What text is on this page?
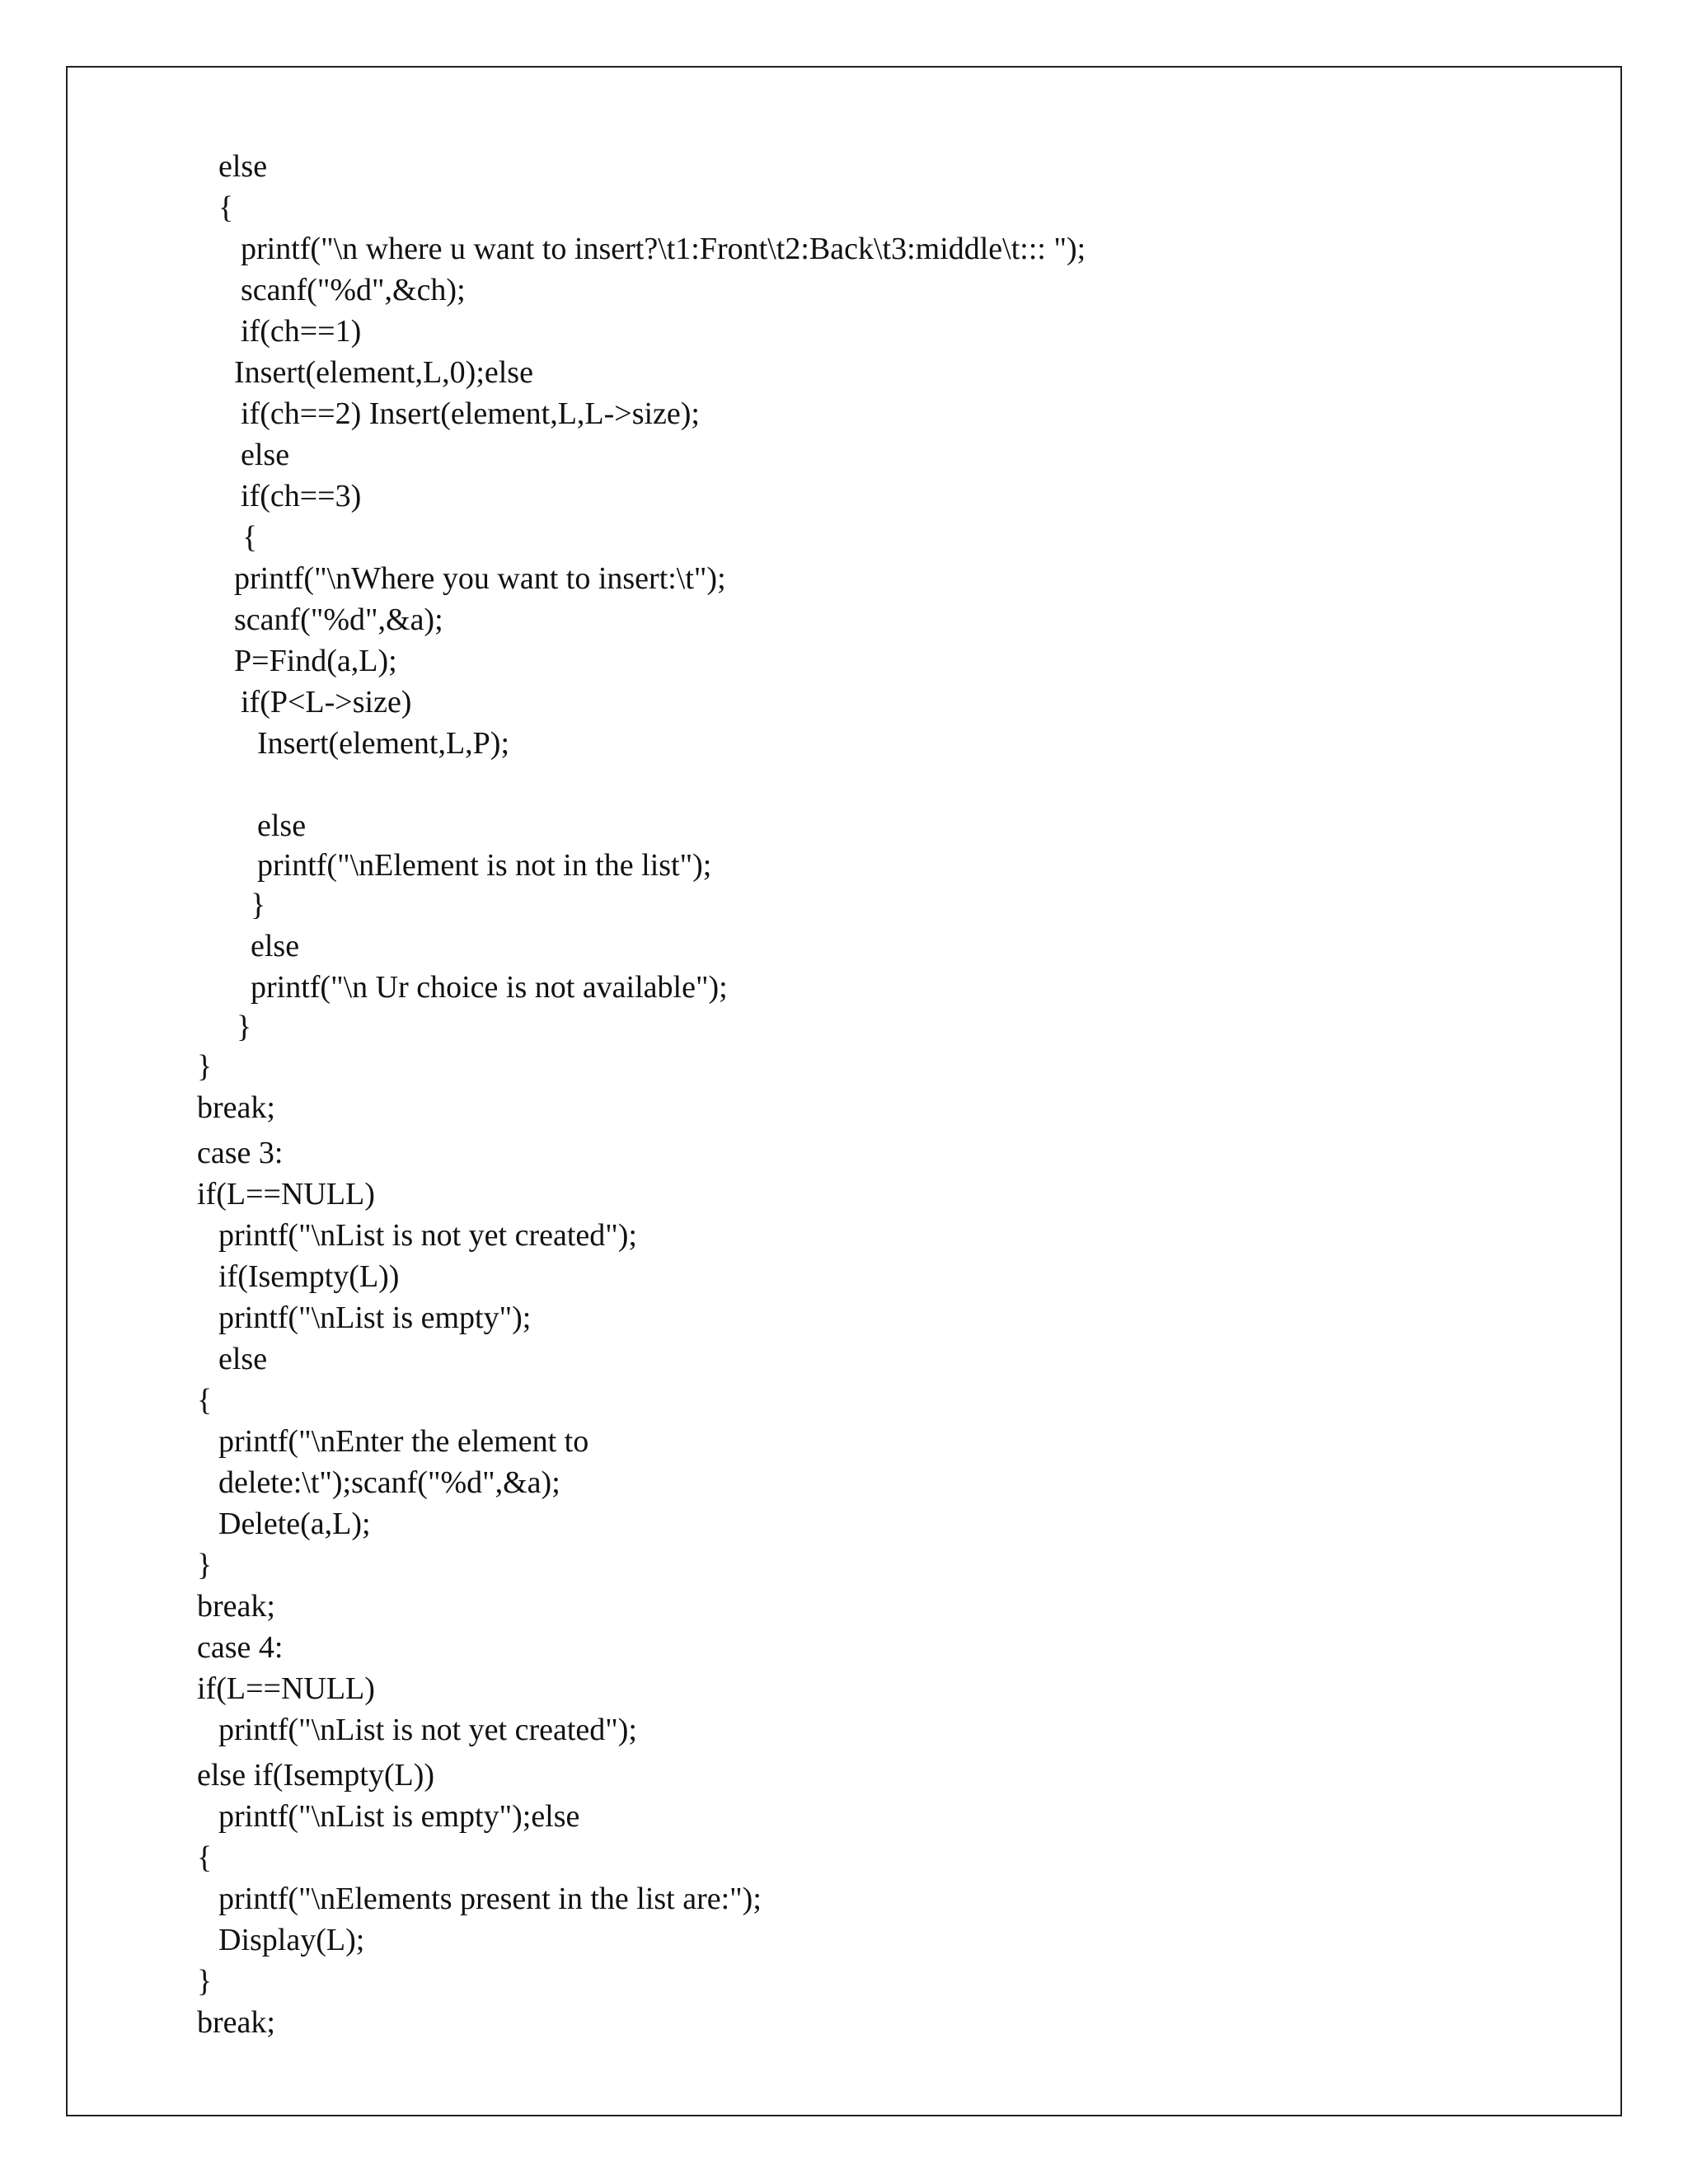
else
{
printf("\n where u want to insert?\t1:Front\t2:Back\t3:middle\t::: ");
scanf("%d",&ch);
if(ch==1)
Insert(element,L,0);else
if(ch==2) Insert(element,L,L->size);
else
if(ch==3)
{
printf("\nWhere you want to insert:\t");
scanf("%d",&a);
P=Find(a,L);
if(P<L->size)
Insert(element,L,P);
else
printf("\nElement is not in the list");
}
else
printf("\n Ur choice is not available");
}
}
break;
case 3:
if(L==NULL)
printf("\nList is not yet created");
if(Isempty(L))
printf("\nList is empty");
else
{
printf("\nEnter the element to
delete:\t");scanf("%d",&a);
Delete(a,L);
}
break;
case 4:
if(L==NULL)
printf("\nList is not yet created");
else if(Isempty(L))
printf("\nList is empty");else
{
printf("\nElements present in the list are:");
Display(L);
}
break;
